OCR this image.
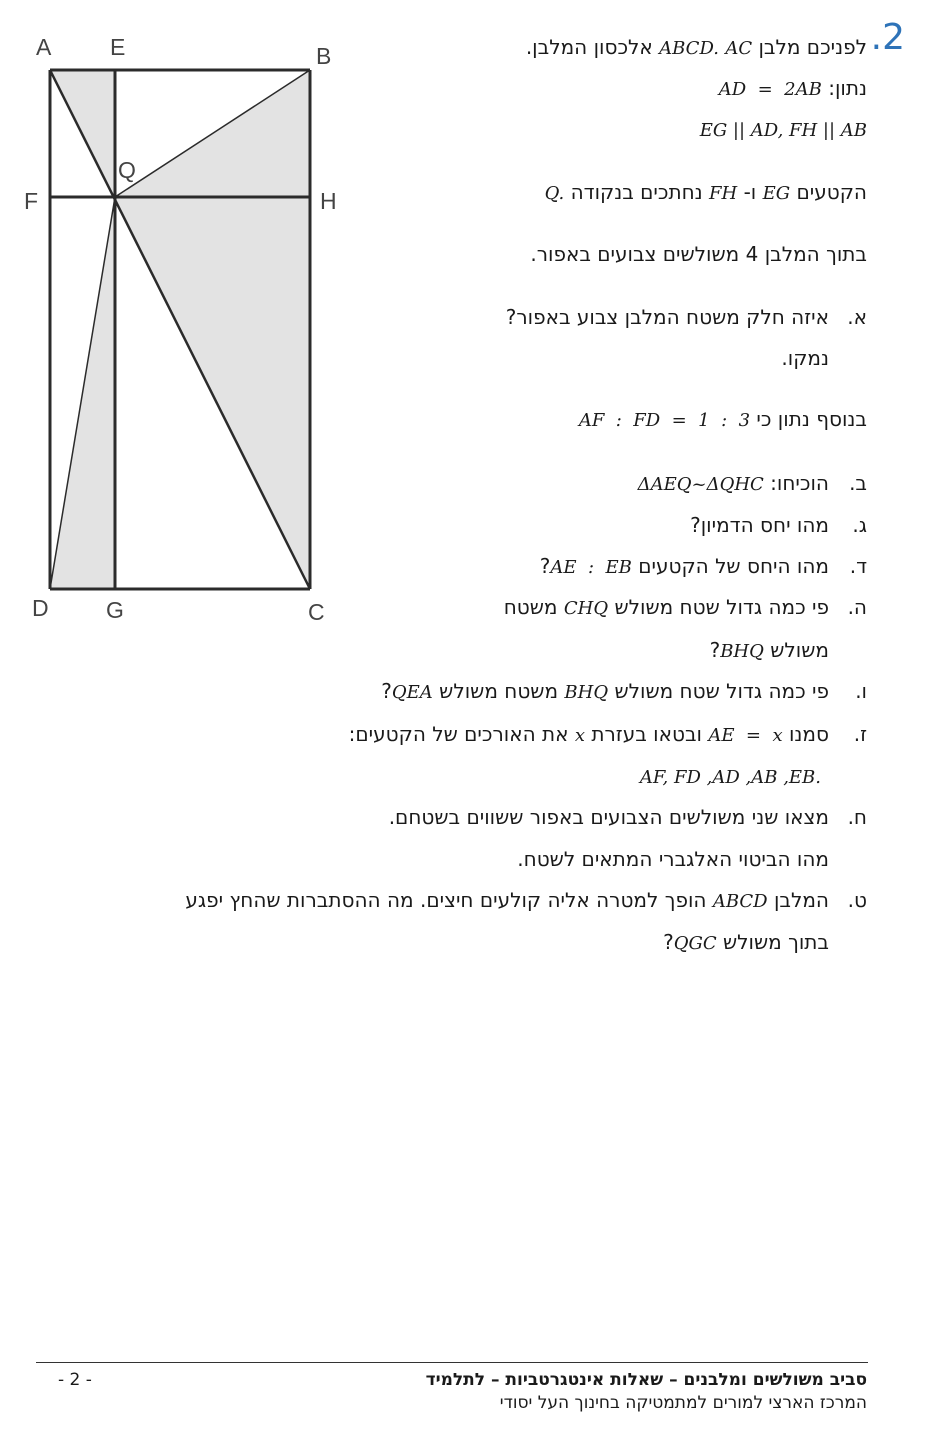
A	E	B
F
Q
H
D G	C
.2
לפניכם מלבן ABCD. AC אלכסון המלבן.
נתון: AD  =  2AB
EG || AD, FH || AB
הקטעים EG ו- FH נחתכים בנקודה Q.
בתוך המלבן 4 משולשים צבועים באפור.
א.
איזה חלק משטח המלבן צבוע באפור?
נמקו.
בנוסף נתון כי AF  :  FD  =  1  :  3
ב.
הוכיחו: ΔAEQ~ΔQHC
ג.
מהו יחס הדמיון?
ד.
מהו היחס של הקטעים AE  :  EB?
ה.
פי כמה גדול שטח משולש CHQ משטח
משולש BHQ?
ו.
פי כמה גדול שטח משולש BHQ משטח משולש QEA?
ז.
סמנו AE  =  x ובטאו בעזרת x את האורכים של הקטעים:
AF, FD ,AD ,AB ,EB.
ח.
מצאו שני משולשים הצבועים באפור ששווים בשטחם.
מהו הביטוי האלגברי המתאים לשטח.
ט.
המלבן ABCD הופך למטרה אליה קולעים חיצים. מה ההסתברות שהחץ יפגע
בתוך משולש QGC?
סביב משולשים ומלבנים – שאלות אינטגרטביות – לתלמיד
המרכז הארצי למורים למתמטיקה בחינוך העל יסודי
- 2 -
